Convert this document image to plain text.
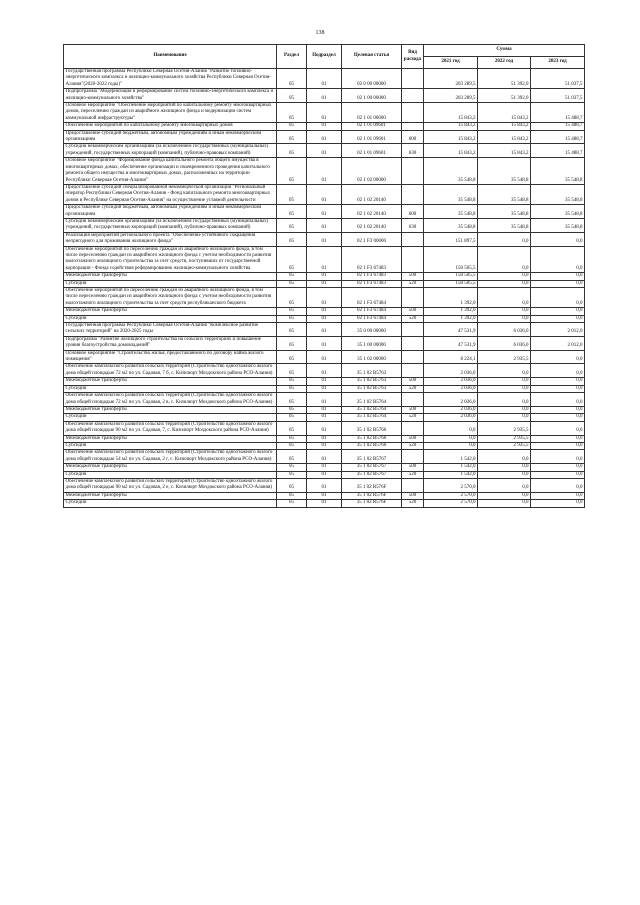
138
Наименование	Раздел	Подраздел	Целевая статья	Вид расхода	Сумма		
					2021 год	2022 год	2023 год
Государственная программа Республики Северная Осетия-Алания "Развитие топливно-энергетического комплекса и жилищно-коммунального хозяйства Республики Северная Осетия-Алания"(2020-2022 годы)"	05	01	02 0 00 00000		203 289,5	51 392,0	51 037,5
Подпрограмма "Модернизация и реформирование систем топливно-энергетического комплекса и жилищно-коммунального хозяйства"	05	01	02 1 00 00000		203 289,5	51 392,0	51 037,5
Основное мероприятие "Обеспечение мероприятий по капитальному ремонту многоквартирных домов, переселению граждан из аварийного жилищного фонда и модернизации систем коммунальной инфраструктуры"	05	01	02 1 01 00000		15 843,2	15 843,2	15 488,7
Обеспечение мероприятий по капитальному ремонту многоквартирных домов	05	01	02 1 01 09601		15 843,2	15 843,2	15 488,7
Предоставление субсидий бюджетным, автономным учреждениям и иным некоммерческим организациям	05	01	02 1 01 09601	600	15 843,2	15 843,2	15 488,7
Субсидии некоммерческим организациям (за исключением государственных (муниципальных) учреждений, государственных корпораций (компаний), публично-правовых компаний)	05	01	02 1 01 09601	630	15 843,2	15 843,2	15 488,7
Основное мероприятие "Формирование фонда капитального ремонта общего имущества в многоквартирных домах, обеспечение организации и своевременного проведения капитального ремонта общего имущества в многоквартирных домах, расположенных на территории Республики Северная Осетия-Алания"	05	01	02 1 02 00000		35 548,8	35 548,8	35 548,8
Предоставление субсидий специализированной некоммерческой организации "Региональный оператор Республики Северная Осетия-Алания - Фонд капитального ремонта многоквартирных домов в Республике Северная Осетия-Алания" на осуществление уставной деятельности	05	01	02 1 02 20140		35 548,8	35 548,8	35 548,8
Предоставление субсидий бюджетным, автономным учреждениям и иным некоммерческим организациям	05	01	02 1 02 20140	600	35 548,8	35 548,8	35 548,8
Субсидии некоммерческим организациям (за исключением государственных (муниципальных) учреждений, государственных корпораций (компаний), публично-правовых компаний)	05	01	02 1 02 20140	630	35 548,8	35 548,8	35 548,8
Реализация мероприятий регионального проекта "Обеспечение устойчивого сокращения непригодного для проживания жилищного фонда"	05	01	02 1 F3 00000		151 897,5	0,0	0,0
Обеспечение мероприятий по переселению граждан из аварийного жилищного фонда, в том числе переселению граждан из аварийного жилищного фонда с учетом необходимости развития малоэтажного жилищного строительства за счет средств, поступивших от государственной корпорации - Фонда содействия реформированию жилищно-коммунального хозяйства	05	01	02 1 F3 67483		150 505,5	0,0	0,0
Межбюджетные трансферты	05	01	02 1 F3 67483	500	150 505,5	0,0	0,0
Субсидии	05	01	02 1 F3 67483	520	150 505,5	0,0	0,0
Обеспечение мероприятий по переселению граждан из аварийного жилищного фонда, в том числе переселению граждан из аварийного жилищного фонда с учетом необходимости развития малоэтажного жилищного строительства за счет средств республиканского бюджета	05	01	02 1 F3 67484		1 392,0	0,0	0,0
Межбюджетные трансферты	05	01	02 1 F3 67484	500	1 392,0	0,0	0,0
Субсидии	05	01	02 1 F3 67484	520	1 392,0	0,0	0,0
Государственная программа Республики Северная Осетия-Алания "Комплексное развитие сельских территорий" на 2020-2025 годы	05	01	35 0 00 00000		47 531,9	6 036,0	2 012,0
Подпрограмма "Развитие жилищного строительства на сельских территориях и повышение уровня благоустройства домовладений"	05	01	35 1 00 00000		47 531,9	6 036,0	2 012,0
Основное мероприятие "Строительство жилья, предоставляемого по договору найма жилого помещения"	05	01	35 1 02 00000		8 224,1	2 935,5	0,0
Обеспечение комплексного развития сельских территорий (Строительство одноэтажного жилого дома общей площадью 72 м2 по ул. Садовая, 7 б, с. Кизилюрт Моздокского района РСО-Алания)	05	01	35 1 02 R5763		2 036,0	0,0	0,0
Межбюджетные трансферты	05	01	35 1 02 R5763	500	2 036,0	0,0	0,0
Субсидии	05	01	35 1 02 R5763	520	2 036,0	0,0	0,0
Обеспечение комплексного развития сельских территорий (Строительство одноэтажного жилого дома общей площадью 72 м2 по ул. Садовая, 2 в, с. Кизилюрт Моздокского района РСО-Алания)	05	01	35 1 02 R5764		2 036,0	0,0	0,0
Межбюджетные трансферты	05	01	35 1 02 R5764	500	2 036,0	0,0	0,0
Субсидии	05	01	35 1 02 R5764	520	2 036,0	0,0	0,0
Обеспечение комплексного развития сельских территорий (Строительство одноэтажного жилого дома общей площадью 90 м2 по ул. Садовая, 7, с. Кизилюрт Моздокского района РСО-Алания)	05	01	35 1 02 R5766		0,0	2 935,5	0,0
Межбюджетные трансферты	05	01	35 1 02 R5766	500	0,0	2 935,5	0,0
Субсидии	05	01	35 1 02 R5766	520	0,0	2 935,5	0,0
Обеспечение комплексного развития сельских территорий (Строительство одноэтажного жилого дома общей площадью 54 м2 по ул. Садовая, 2 г, с. Кизилюрт Моздокского района РСО-Алания)	05	01	35 1 02 R5767		1 542,0	0,0	0,0
Межбюджетные трансферты	05	01	35 1 02 R5767	500	1 542,0	0,0	0,0
Субсидии	05	01	35 1 02 R5767	520	1 542,0	0,0	0,0
Обеспечение комплексного развития сельских территорий (Строительство одноэтажного жилого дома общей площадью 90 м2 по ул. Садовая, 2 е, с. Кизилюрт Моздокского района РСО-Алания)	05	01	35 1 02 R576F		2 570,0	0,0	0,0
Межбюджетные трансферты	05	01	35 1 02 R576F	500	2 570,0	0,0	0,0
Субсидии	05	01	35 1 02 R576F	520	2 570,0	0,0	0,0
